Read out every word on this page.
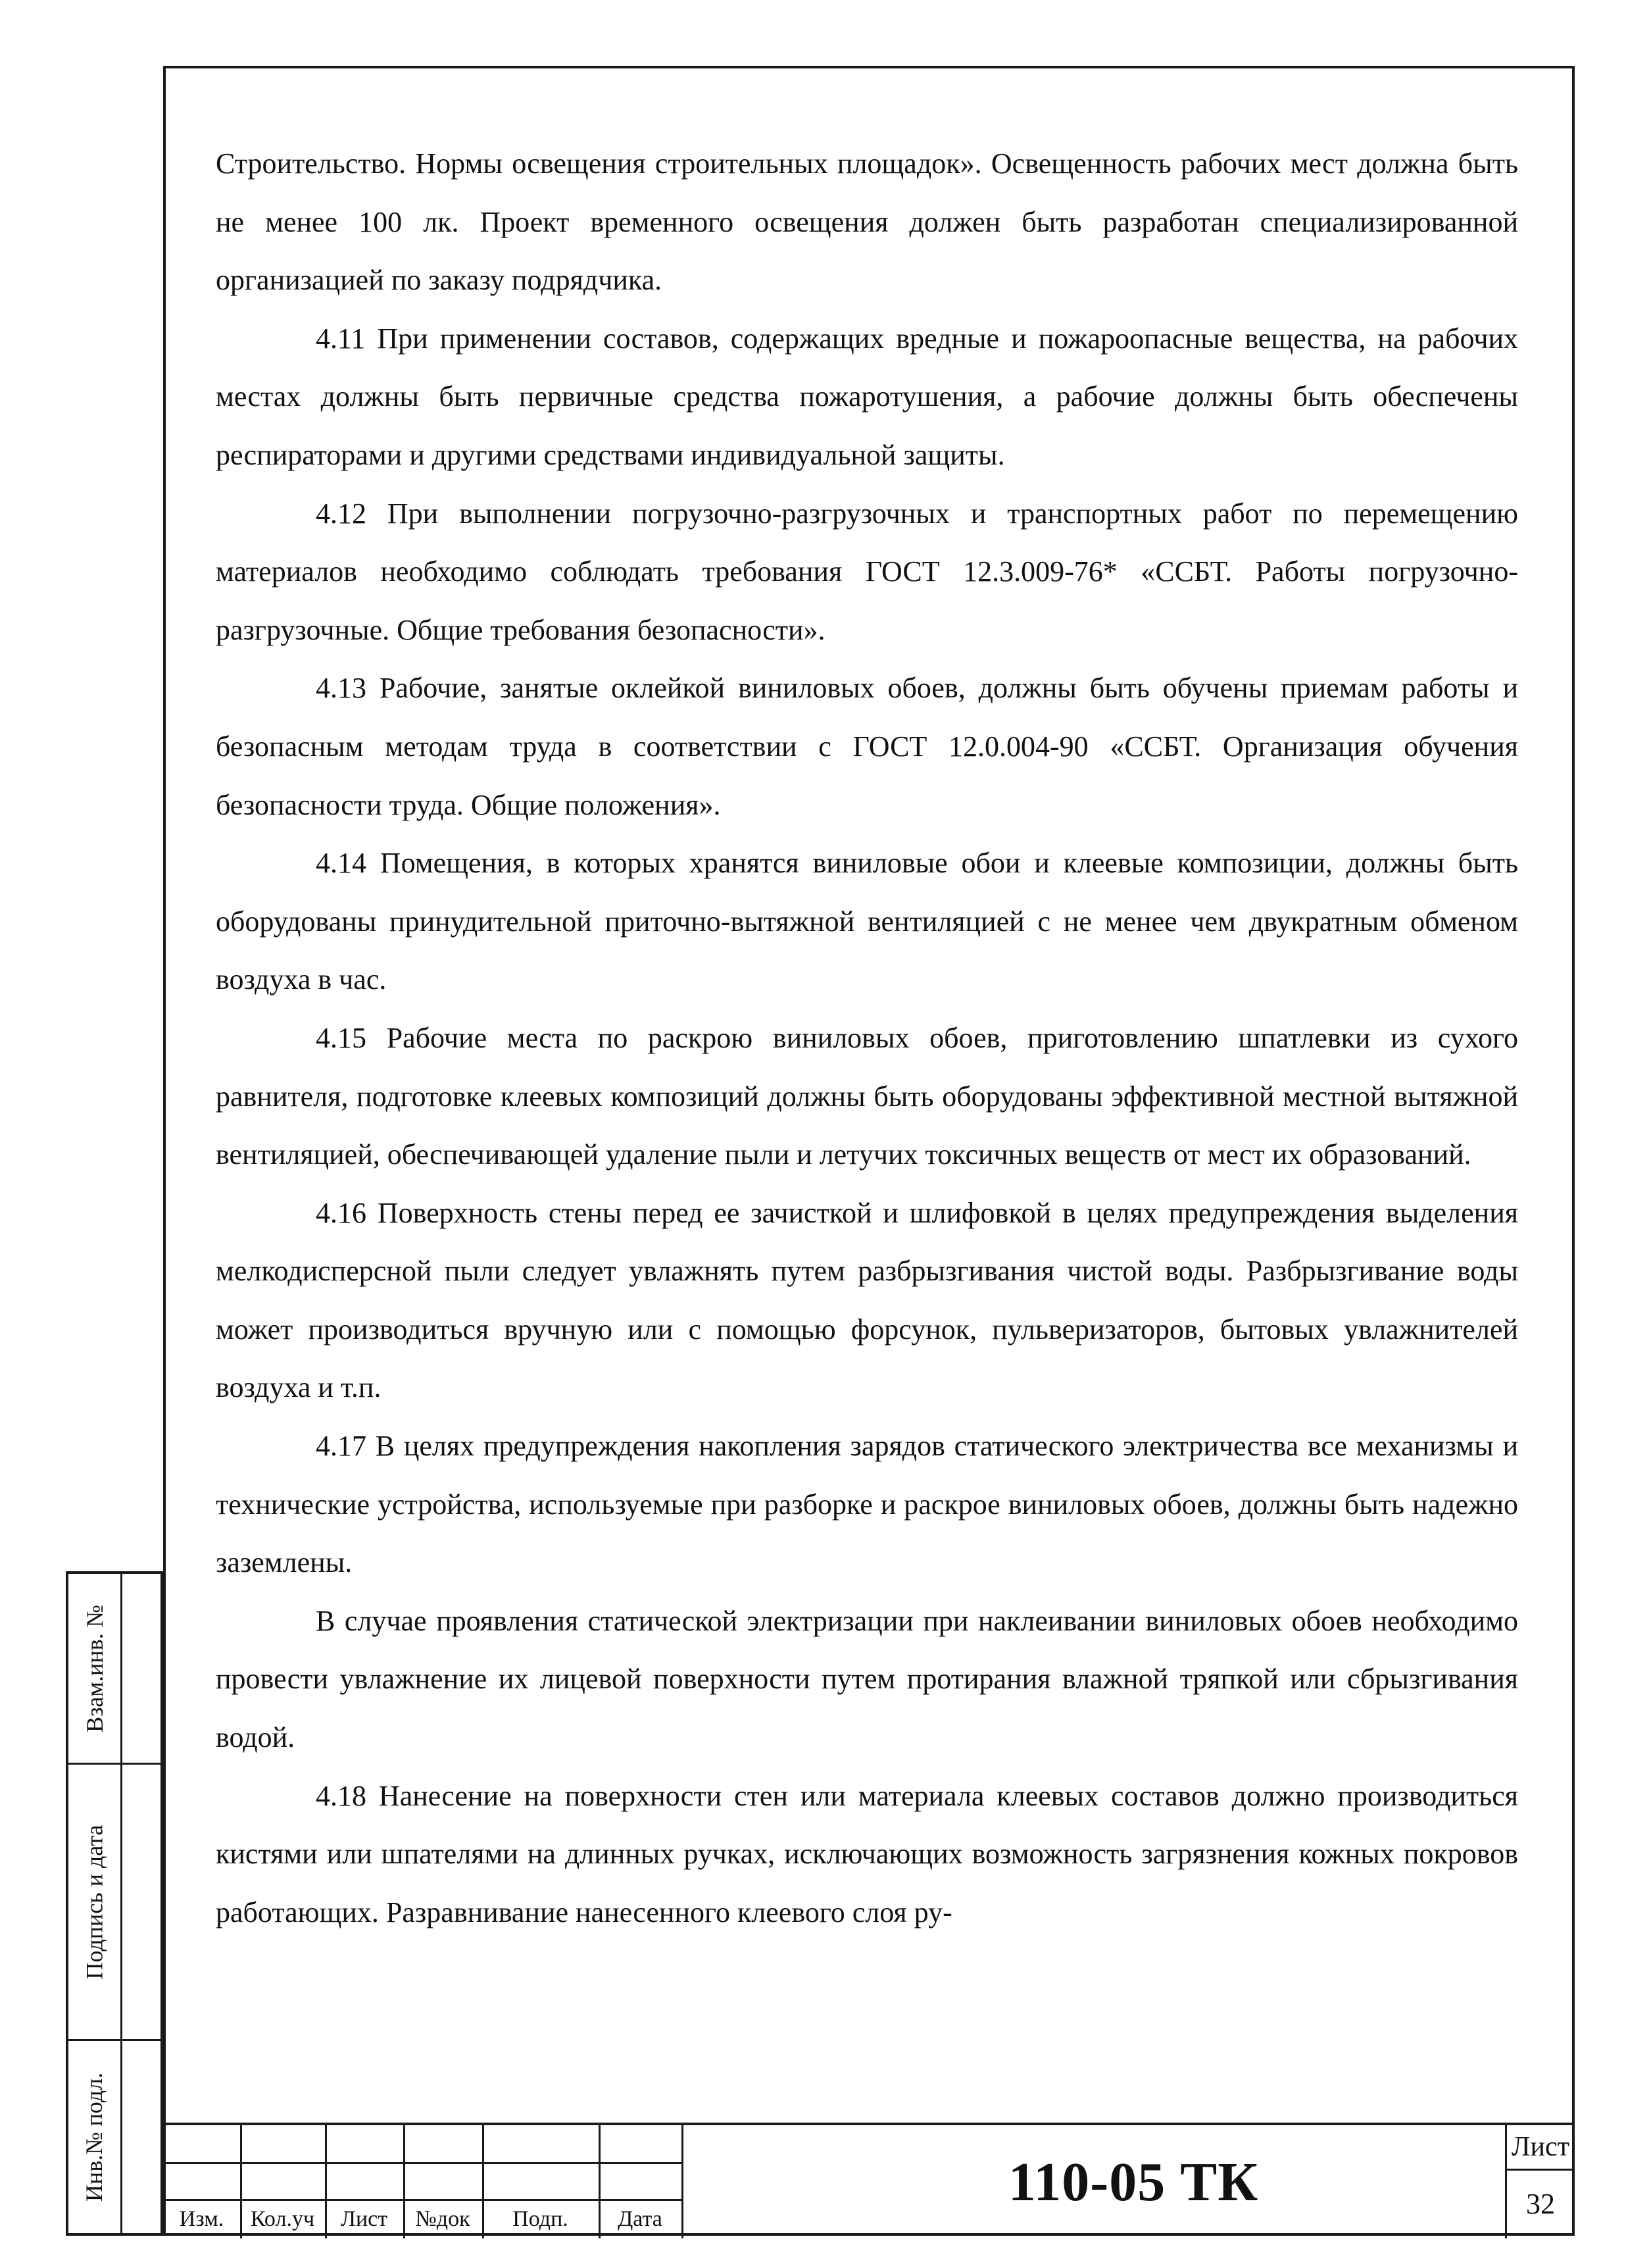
Строительство. Нормы освещения строительных площадок». Освещенность рабочих мест должна быть не менее 100 лк. Проект временного освещения должен быть разработан специализированной организацией по заказу подрядчика.

4.11 При применении составов, содержащих вредные и пожароопасные вещества, на рабочих местах должны быть первичные средства пожаротушения, а рабочие должны быть обеспечены респираторами и другими средствами индивидуальной защиты.

4.12 При выполнении погрузочно-разгрузочных и транспортных работ по перемещению материалов необходимо соблюдать требования ГОСТ 12.3.009-76* «ССБТ. Работы погрузочно-разгрузочные. Общие требования безопасности».

4.13 Рабочие, занятые оклейкой виниловых обоев, должны быть обучены приемам работы и безопасным методам труда в соответствии с ГОСТ 12.0.004-90 «ССБТ. Организация обучения безопасности труда. Общие положения».

4.14 Помещения, в которых хранятся виниловые обои и клеевые композиции, должны быть оборудованы принудительной приточно-вытяжной вентиляцией с не менее чем двукратным обменом воздуха в час.

4.15 Рабочие места по раскрою виниловых обоев, приготовлению шпатлевки из сухого равнителя, подготовке клеевых композиций должны быть оборудованы эффективной местной вытяжной вентиляцией, обеспечивающей удаление пыли и летучих токсичных веществ от мест их образований.

4.16 Поверхность стены перед ее зачисткой и шлифовкой в целях предупреждения выделения мелкодисперсной пыли следует увлажнять путем разбрызгивания чистой воды. Разбрызгивание воды может производиться вручную или с помощью форсунок, пульверизаторов, бытовых увлажнителей воздуха и т.п.

4.17 В целях предупреждения накопления зарядов статического электричества все механизмы и технические устройства, используемые при разборке и раскрое виниловых обоев, должны быть надежно заземлены.

В случае проявления статической электризации при наклеивании виниловых обоев необходимо провести увлажнение их лицевой поверхности путем протирания влажной тряпкой или сбрызгивания водой.

4.18 Нанесение на поверхности стен или материала клеевых составов должно производиться кистями или шпателями на длинных ручках, исключающих возможность загрязнения кожных покровов работающих. Разравнивание нанесенного клеевого слоя ру-

Взам.инв. №
Подпись и дата
Инв.№ подл.
Изм.	Кол.уч	Лист	№док	Подп.	Дата
110-05 ТК
Лист
32
